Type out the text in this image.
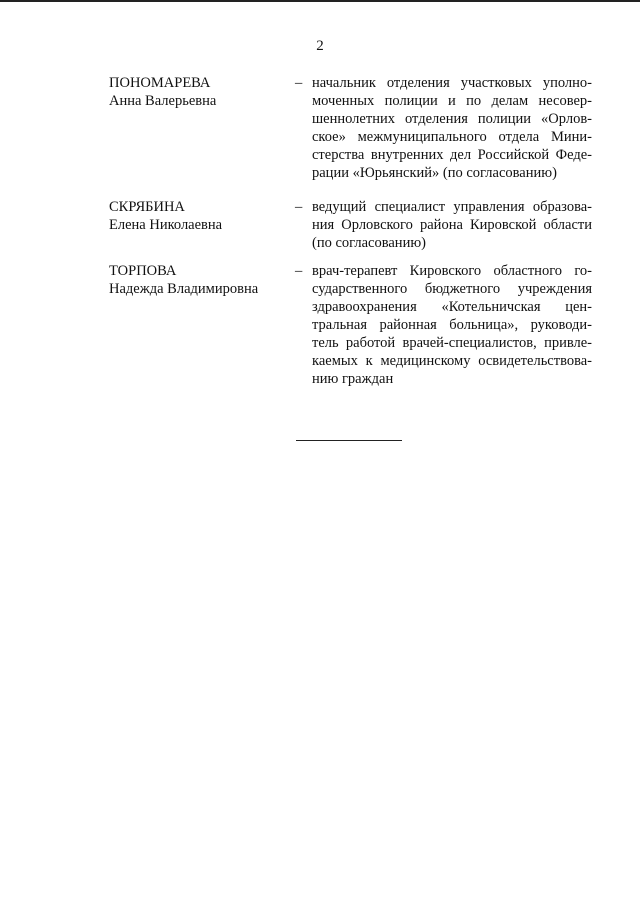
2
ПОНОМАРЕВА
Анна Валерьевна
– начальник отделения участковых уполно-
моченных полиции и по делам несовер-
шеннолетних отделения полиции «Орлов-
ское» межмуниципального отдела Мини-
стерства внутренних дел Российской Феде-
рации «Юрьянский» (по согласованию)
СКРЯБИНА
Елена Николаевна
– ведущий специалист управления образова-
ния Орловского района Кировской области
(по согласованию)
ТОРПОВА
Надежда Владимировна
– врач-терапевт Кировского областного го-
сударственного бюджетного учреждения
здравоохранения «Котельничская цен-
тральная районная больница», руководи-
тель работой врачей-специалистов, привле-
каемых к медицинскому освидетельствова-
нию граждан
